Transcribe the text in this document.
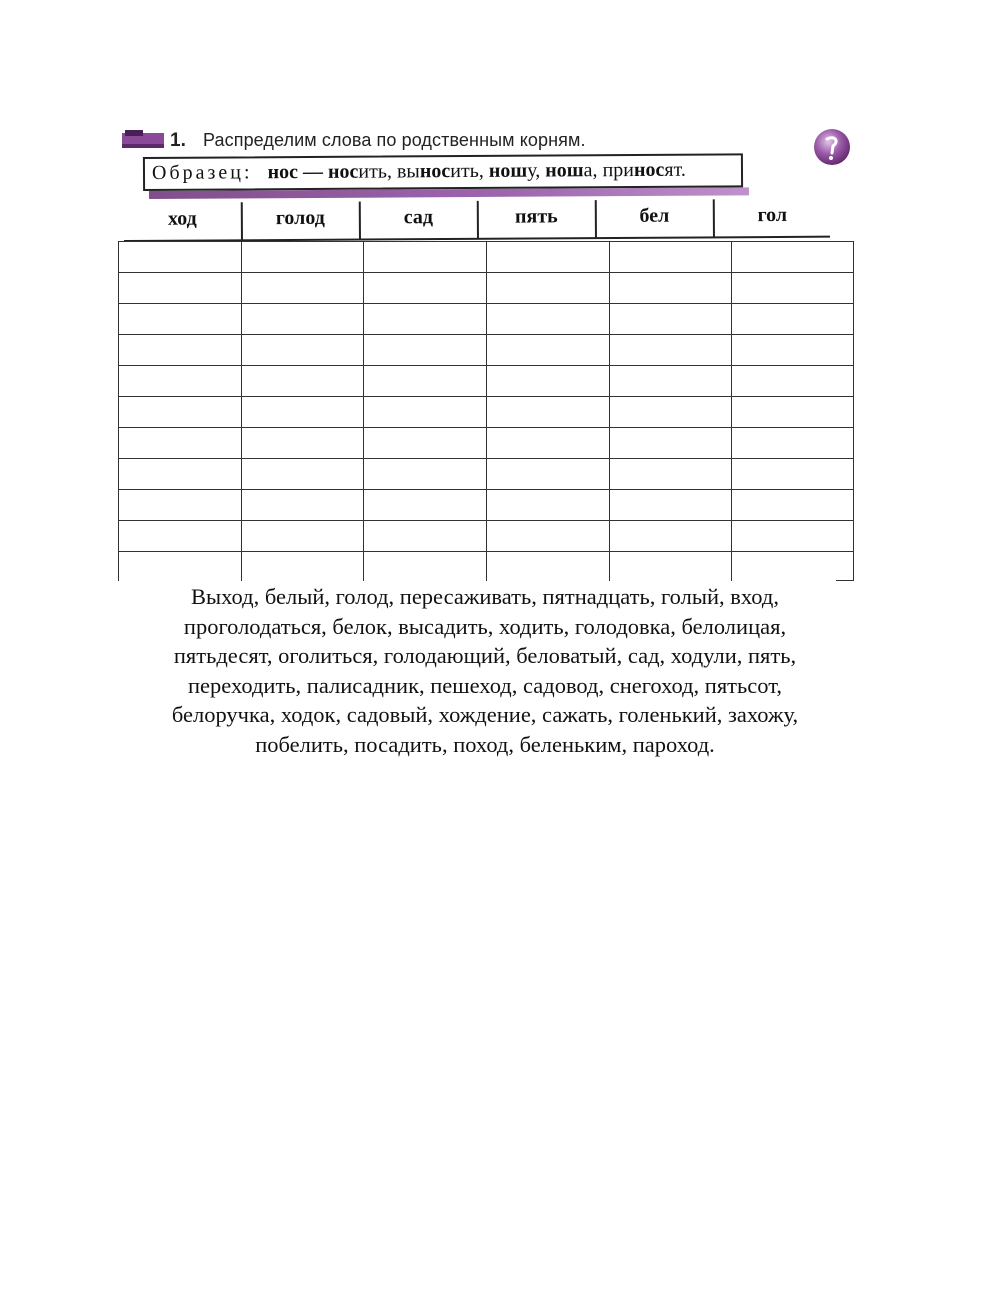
1. Распределим слова по родственным корням.
Образец: нос — носить, выносить, ношу, ноша, приносят.
ход	голод	сад	пять	бел	гол
Выход, белый, голод, пересаживать, пятнадцать, голый, вход,
проголодаться, белок, высадить, ходить, голодовка, белолицая,
пятьдесят, оголиться, голодающий, беловатый, сад, ходули, пять,
переходить, палисадник, пешеход, садовод, снегоход, пятьсот,
белоручка, ходок, садовый, хождение, сажать, голенький, захожу,
побелить, посадить, поход, беленьким, пароход.
